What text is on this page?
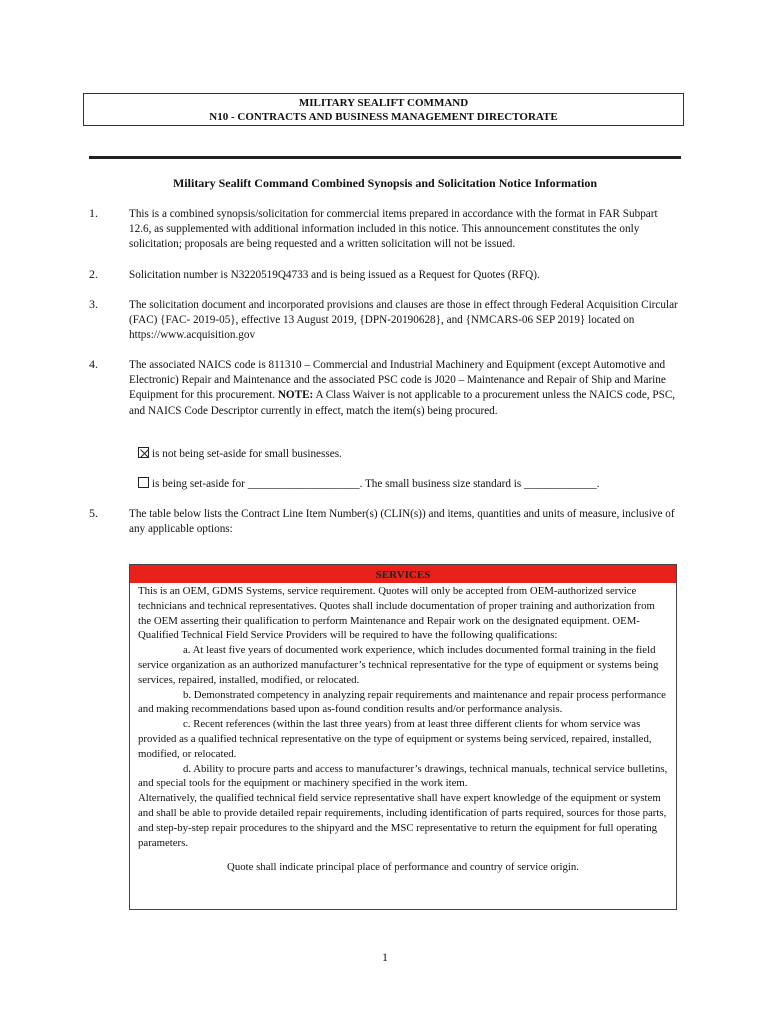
MILITARY SEALIFT COMMAND
N10 - CONTRACTS AND BUSINESS MANAGEMENT DIRECTORATE
Military Sealift Command Combined Synopsis and Solicitation Notice Information
1.	This is a combined synopsis/solicitation for commercial items prepared in accordance with the format in FAR Subpart 12.6, as supplemented with additional information included in this notice. This announcement constitutes the only solicitation; proposals are being requested and a written solicitation will not be issued.
2.	Solicitation number is N3220519Q4733 and is being issued as a Request for Quotes (RFQ).
3.	The solicitation document and incorporated provisions and clauses are those in effect through Federal Acquisition Circular (FAC) {FAC- 2019-05}, effective 13 August 2019, {DPN-20190628}, and {NMCARS-06 SEP 2019} located on https://www.acquisition.gov
4.	The associated NAICS code is 811310 – Commercial and Industrial Machinery and Equipment (except Automotive and Electronic) Repair and Maintenance and the associated PSC code is J020 – Maintenance and Repair of Ship and Marine Equipment for this procurement. NOTE: A Class Waiver is not applicable to a procurement unless the NAICS code, PSC, and NAICS Code Descriptor currently in effect, match the item(s) being procured.
is not being set-aside for small businesses.
is being set-aside for ____________________. The small business size standard is _____________.
5.	The table below lists the Contract Line Item Number(s) (CLIN(s)) and items, quantities and units of measure, inclusive of any applicable options:
SERVICES

This is an OEM, GDMS Systems, service requirement. Quotes will only be accepted from OEM-authorized service technicians and technical representatives. Quotes shall include documentation of proper training and authorization from the OEM asserting their qualification to perform Maintenance and Repair work on the designated equipment. OEM-Qualified Technical Field Service Providers will be required to have the following qualifications:

a. At least five years of documented work experience, which includes documented formal training in the field service organization as an authorized manufacturer’s technical representative for the type of equipment or systems being services, repaired, installed, modified, or relocated.

b. Demonstrated competency in analyzing repair requirements and maintenance and repair process performance and making recommendations based upon as-found condition results and/or performance analysis.

c. Recent references (within the last three years) from at least three different clients for whom service was provided as a qualified technical representative on the type of equipment or systems being serviced, repaired, installed, modified, or relocated.

d. Ability to procure parts and access to manufacturer’s drawings, technical manuals, technical service bulletins, and special tools for the equipment or machinery specified in the work item.

Alternatively, the qualified technical field service representative shall have expert knowledge of the equipment or system and shall be able to provide detailed repair requirements, including identification of parts required, sources for those parts, and step-by-step repair procedures to the shipyard and the MSC representative to return the equipment for full operating parameters.

Quote shall indicate principal place of performance and country of service origin.

1
